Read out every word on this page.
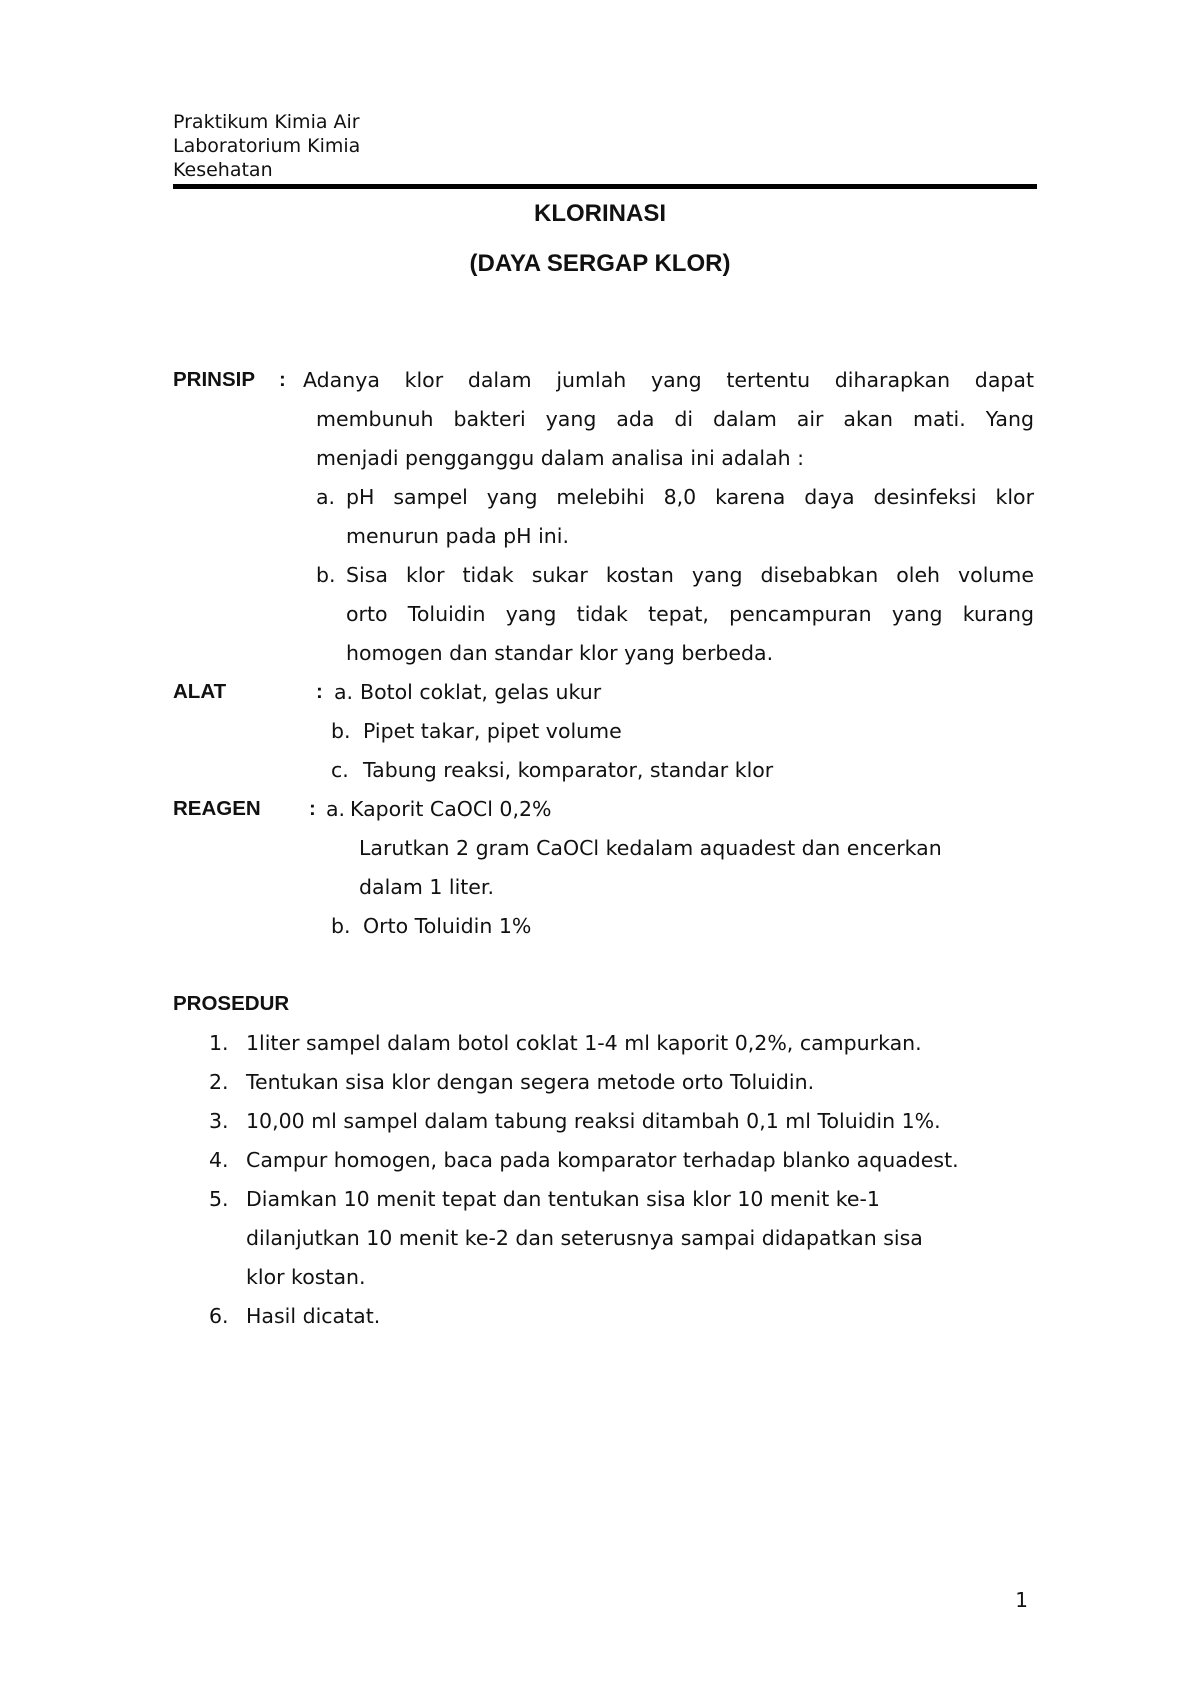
Praktikum Kimia Air
Laboratorium Kimia
Kesehatan
KLORINASI
(DAYA SERGAP KLOR)
PRINSIP : Adanya klor dalam jumlah yang tertentu diharapkan dapat
membunuh bakteri yang ada di dalam air akan mati. Yang
menjadi pengganggu dalam analisa ini adalah :
a. pH sampel yang melebihi 8,0 karena daya desinfeksi klor
menurun pada pH ini.
b. Sisa klor tidak sukar kostan yang disebabkan oleh volume
orto Toluidin yang tidak tepat, pencampuran yang kurang
homogen dan standar klor yang berbeda.
ALAT	: a. Botol coklat, gelas ukur
b. Pipet takar, pipet volume
c. Tabung reaksi, komparator, standar klor
REAGEN : a. Kaporit CaOCl 0,2%
Larutkan 2 gram CaOCl kedalam aquadest dan encerkan
dalam 1 liter.
b. Orto Toluidin 1%
PROSEDUR
1. 1liter sampel dalam botol coklat 1-4 ml kaporit 0,2%, campurkan.
2. Tentukan sisa klor dengan segera metode orto Toluidin.
3. 10,00 ml sampel dalam tabung reaksi ditambah 0,1 ml Toluidin 1%.
4. Campur homogen, baca pada komparator terhadap blanko aquadest.
5. Diamkan 10 menit tepat dan tentukan sisa klor 10 menit ke-1
dilanjutkan 10 menit ke-2 dan seterusnya sampai didapatkan sisa
klor kostan.
6. Hasil dicatat.
1
